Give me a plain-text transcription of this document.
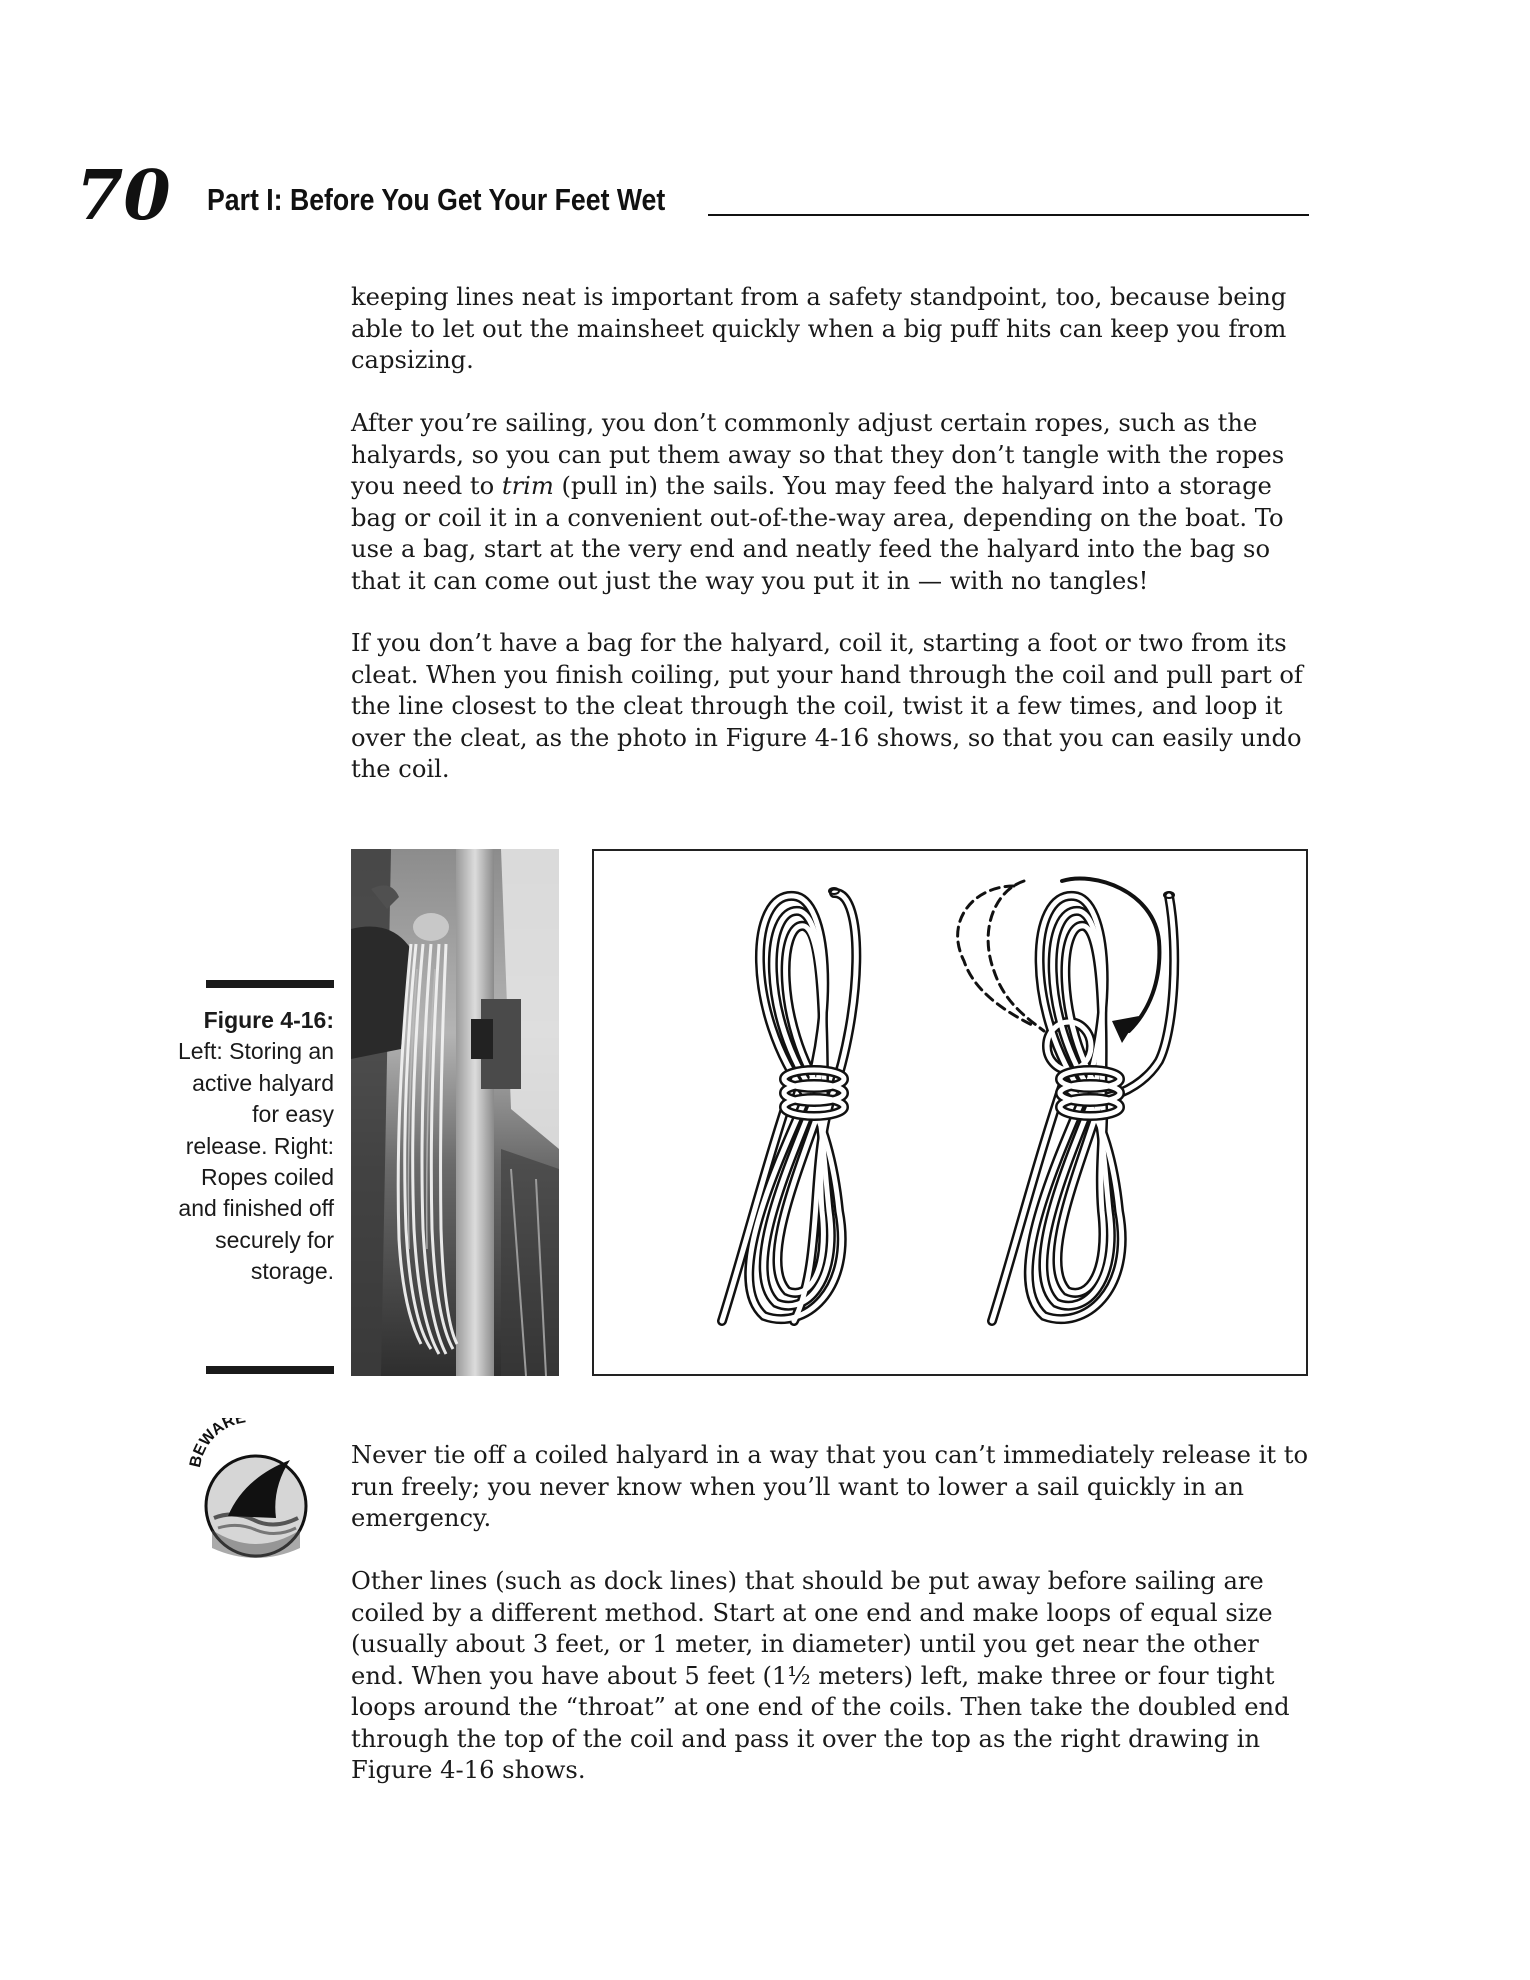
70 Part I: Before You Get Your Feet Wet

keeping lines neat is important from a safety standpoint, too, because being able to let out the mainsheet quickly when a big puff hits can keep you from capsizing.

After you’re sailing, you don’t commonly adjust certain ropes, such as the halyards, so you can put them away so that they don’t tangle with the ropes you need to trim (pull in) the sails. You may feed the halyard into a storage bag or coil it in a convenient out-of-the-way area, depending on the boat. To use a bag, start at the very end and neatly feed the halyard into the bag so that it can come out just the way you put it in — with no tangles!

If you don’t have a bag for the halyard, coil it, starting a foot or two from its cleat. When you finish coiling, put your hand through the coil and pull part of the line closest to the cleat through the coil, twist it a few times, and loop it over the cleat, as the photo in Figure 4-16 shows, so that you can easily undo the coil.

Figure 4-16:
Left: Storing an active halyard for easy release. Right: Ropes coiled and finished off securely for storage.
BEWARE

Never tie off a coiled halyard in a way that you can’t immediately release it to run freely; you never know when you’ll want to lower a sail quickly in an emergency.

Other lines (such as dock lines) that should be put away before sailing are coiled by a different method. Start at one end and make loops of equal size (usually about 3 feet, or 1 meter, in diameter) until you get near the other end. When you have about 5 feet (1½ meters) left, make three or four tight loops around the “throat” at one end of the coils. Then take the doubled end through the top of the coil and pass it over the top as the right drawing in Figure 4-16 shows.
